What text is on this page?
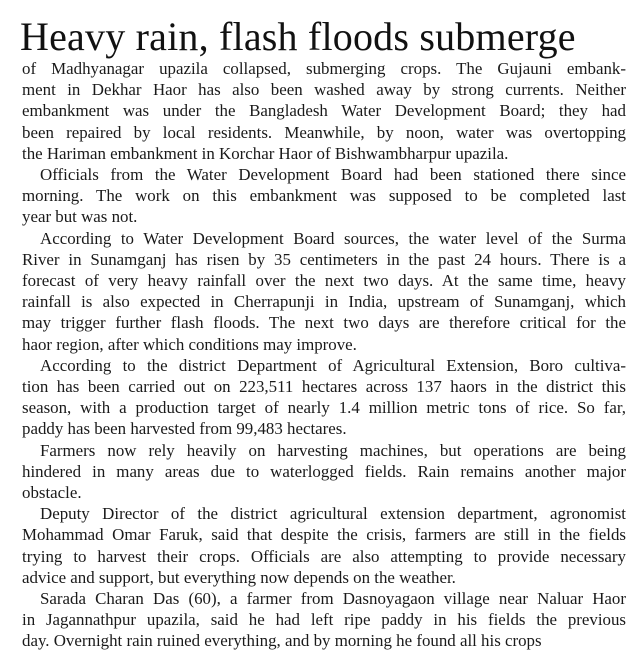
Heavy rain, flash floods submerge

of Madhyanagar upazila collapsed, submerging crops. The Gujauni embank-
ment in Dekhar Haor has also been washed away by strong currents. Neither
embankment was under the Bangladesh Water Development Board; they had
been repaired by local residents. Meanwhile, by noon, water was overtopping
the Hariman embankment in Korchar Haor of Bishwambharpur upazila.

Officials from the Water Development Board had been stationed there since
morning. The work on this embankment was supposed to be completed last
year but was not.

According to Water Development Board sources, the water level of the Surma
River in Sunamganj has risen by 35 centimeters in the past 24 hours. There is a
forecast of very heavy rainfall over the next two days. At the same time, heavy
rainfall is also expected in Cherrapunji in India, upstream of Sunamganj, which
may trigger further flash floods. The next two days are therefore critical for the
haor region, after which conditions may improve.

According to the district Department of Agricultural Extension, Boro cultiva-
tion has been carried out on 223,511 hectares across 137 haors in the district this
season, with a production target of nearly 1.4 million metric tons of rice. So far,
paddy has been harvested from 99,483 hectares.

Farmers now rely heavily on harvesting machines, but operations are being
hindered in many areas due to waterlogged fields. Rain remains another major
obstacle.

Deputy Director of the district agricultural extension department, agronomist
Mohammad Omar Faruk, said that despite the crisis, farmers are still in the fields
trying to harvest their crops. Officials are also attempting to provide necessary
advice and support, but everything now depends on the weather.

Sarada Charan Das (60), a farmer from Dasnoyagaon village near Naluar Haor
in Jagannathpur upazila, said he had left ripe paddy in his fields the previous
day. Overnight rain ruined everything, and by morning he found all his crops
